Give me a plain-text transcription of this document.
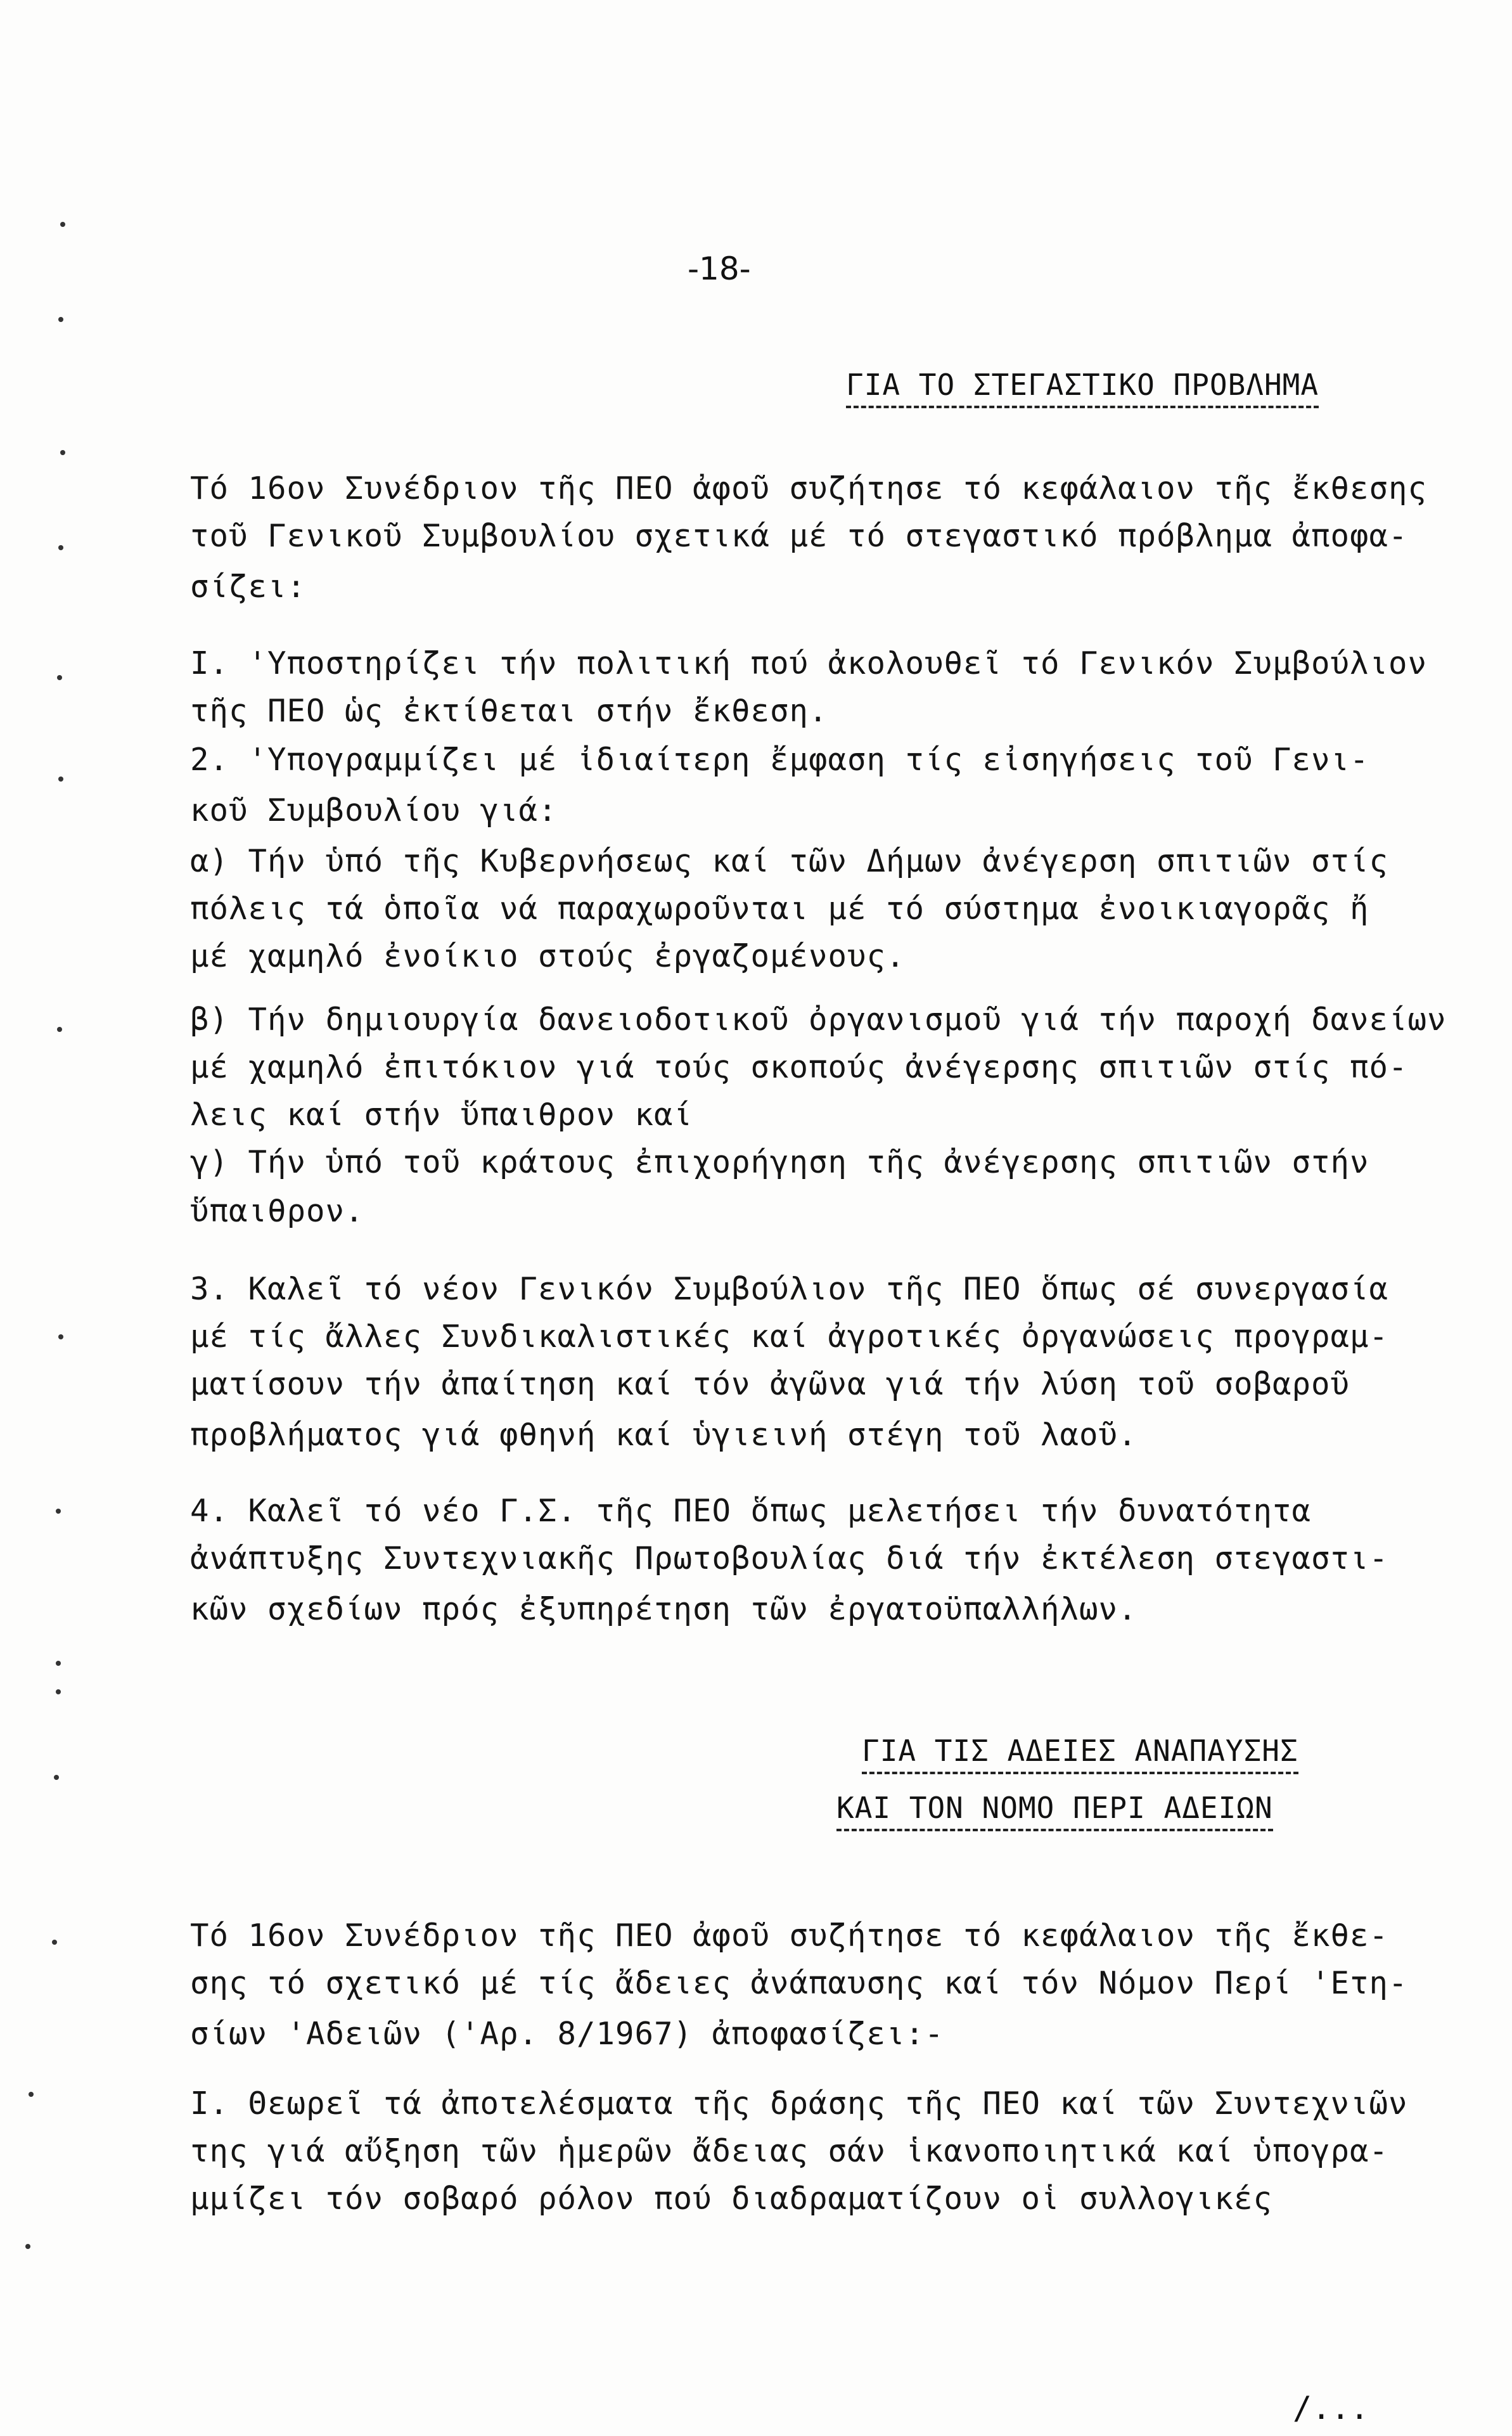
-18-
ΓΙΑ ΤΟ ΣΤΕΓΑΣΤΙΚΟ ΠΡΟΒΛΗΜΑ
Τό 16ον Συνέδριον τῆς ΠΕΟ ἀφοῦ συζήτησε τό κεφάλαιον τῆς ἔκθεσης
τοῦ Γενικοῦ Συμβουλίου σχετικά μέ τό στεγαστικό πρόβλημα ἀποφα-
σίζει:
I. 'Υποστηρίζει τήν πολιτική πού ἀκολουθεῖ τό Γενικόν Συμβούλιον
τῆς ΠΕΟ ὡς ἐκτίθεται στήν ἔκθεση.
2. 'Υπογραμμίζει μέ ἰδιαίτερη ἔμφαση τίς εἰσηγήσεις τοῦ Γενι-
κοῦ Συμβουλίου γιά:
α) Τήν ὑπό τῆς Κυβερνήσεως καί τῶν Δήμων ἀνέγερση σπιτιῶν στίς
πόλεις τά ὁποῖα νά παραχωροῦνται μέ τό σύστημα ἐνοικιαγορᾶς ἤ
μέ χαμηλό ἐνοίκιο στούς ἐργαζομένους.
β) Τήν δημιουργία δανειοδοτικοῦ ὀργανισμοῦ γιά τήν παροχή δανείων
μέ χαμηλό ἐπιτόκιον γιά τούς σκοπούς ἀνέγερσης σπιτιῶν στίς πό-
λεις καί στήν ὕπαιθρον καί
γ) Τήν ὑπό τοῦ κράτους ἐπιχορήγηση τῆς ἀνέγερσης σπιτιῶν στήν
ὕπαιθρον.
3. Καλεῖ τό νέον Γενικόν Συμβούλιον τῆς ΠΕΟ ὅπως σέ συνεργασία
μέ τίς ἄλλες Συνδικαλιστικές καί ἀγροτικές ὀργανώσεις προγραμ-
ματίσουν τήν ἀπαίτηση καί τόν ἀγῶνα γιά τήν λύση τοῦ σοβαροῦ
προβλήματος γιά φθηνή καί ὑγιεινή στέγη τοῦ λαοῦ.
4. Καλεῖ τό νέο Γ.Σ. τῆς ΠΕΟ ὅπως μελετήσει τήν δυνατότητα
ἀνάπτυξης Συντεχνιακῆς Πρωτοβουλίας διά τήν ἐκτέλεση στεγαστι-
κῶν σχεδίων πρός ἐξυπηρέτηση τῶν ἐργατοϋπαλλήλων.
ΓΙΑ ΤΙΣ ΑΔΕΙΕΣ ΑΝΑΠΑΥΣΗΣ
ΚΑΙ ΤΟΝ ΝΟΜΟ ΠΕΡΙ ΑΔΕΙΩΝ
Τό 16ον Συνέδριον τῆς ΠΕΟ ἀφοῦ συζήτησε τό κεφάλαιον τῆς ἔκθε-
σης τό σχετικό μέ τίς ἄδειες ἀνάπαυσης καί τόν Νόμον Περί 'Ετη-
σίων 'Αδειῶν ('Αρ. 8/1967) ἀποφασίζει:-
I. Θεωρεῖ τά ἀποτελέσματα τῆς δράσης τῆς ΠΕΟ καί τῶν Συντεχνιῶν
της γιά αὔξηση τῶν ἡμερῶν ἄδειας σάν ἱκανοποιητικά καί ὑπογρα-
μμίζει τόν σοβαρό ρόλον πού διαδραματίζουν οἱ συλλογικές
/...
